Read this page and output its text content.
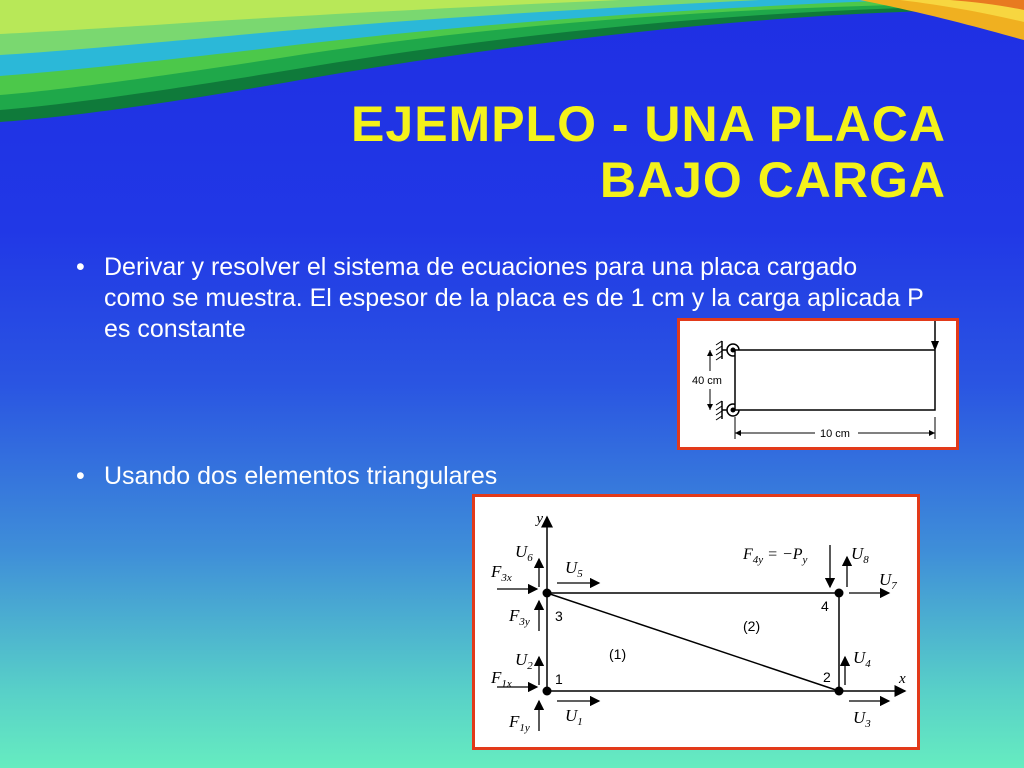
EJEMPLO - UNA PLACA
BAJO CARGA
• Derivar y resolver el sistema de ecuaciones para una placa cargado como se muestra. El espesor de la placa es de 1 cm y la carga aplicada P es constante
• Usando dos elementos triangulares
40 cm
10 cm
y
x
1	2
3
4
(1)
(2)
$U_6$
$F_{3x}$
$U_5$
$F_{3y}$
$U_2$
$F_{1x}$
$F_{1y}$
$U_1$
$U_4$
$U_3$
$U_8$
$U_7$
$F_{4y} = -P_y$
